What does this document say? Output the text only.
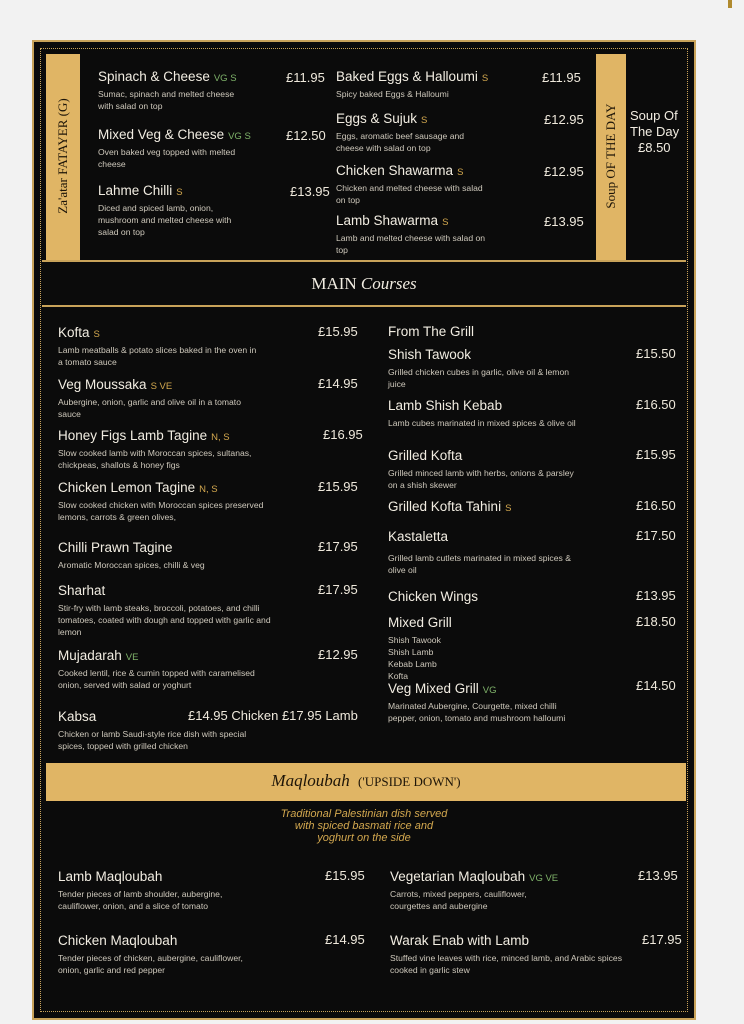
Za'atar FATAYER (G)
Spinach & Cheese VG S
Sumac, spinach and melted cheese with salad on top
£11.95
Mixed Veg & Cheese VG S
Oven baked veg topped with melted cheese
£12.50
Lahme Chilli S
Diced and spiced lamb, onion, mushroom and melted cheese with salad on top
£13.95
Baked Eggs & Halloumi S
Spicy baked Eggs & Halloumi
£11.95
Eggs & Sujuk S
Eggs, aromatic beef sausage and cheese with salad on top
£12.95
Chicken Shawarma S
Chicken and melted cheese with salad on top
£12.95
Lamb Shawarma S
Lamb and melted cheese with salad on top
£13.95
Soup OF THE DAY Soup Of
The Day
£8.50
MAIN Courses
Kofta S
Lamb meatballs & potato slices baked in the oven in a tomato sauce
£15.95
Veg Moussaka S VE
Aubergine, onion, garlic and olive oil in a tomato sauce
£14.95
Honey Figs Lamb Tagine N, S
Slow cooked lamb with Moroccan spices, sultanas, chickpeas, shallots & honey figs
£16.95
Chicken Lemon Tagine N, S
Slow cooked chicken with Moroccan spices preserved lemons, carrots & green olives,
£15.95
Chilli Prawn Tagine
Aromatic Moroccan spices, chilli & veg
£17.95
Sharhat
Stir-fry with lamb steaks, broccoli, potatoes, and chilli tomatoes, coated with dough and topped with garlic and lemon
£17.95
Mujadarah VE
Cooked lentil, rice & cumin topped with caramelised onion, served with salad or yoghurt
£12.95
Kabsa
Chicken or lamb Saudi-style rice dish with special spices, topped with grilled chicken
£14.95 Chicken £17.95 Lamb
From The Grill
Shish Tawook
Grilled chicken cubes in garlic, olive oil & lemon juice
£15.50
Lamb Shish Kebab
Lamb cubes marinated in mixed spices & olive oil
£16.50
Grilled Kofta
Grilled minced lamb with herbs, onions & parsley on a shish skewer
£15.95
Grilled Kofta Tahini S	£16.50
Kastaletta
Grilled lamb cutlets marinated in mixed spices & olive oil
£17.50
Chicken Wings	£13.95
Mixed Grill
Shish Tawook Shish Lamb Kebab Lamb Kofta
£18.50
Veg Mixed Grill VG
Marinated Aubergine, Courgette, mixed chilli pepper, onion, tomato and mushroom halloumi
£14.50
Maqloubah ('UPSIDE DOWN')
Traditional Palestinian dish served
with spiced basmati rice and
yoghurt on the side
Lamb Maqloubah
Tender pieces of lamb shoulder, aubergine, cauliflower, onion, and a slice of tomato
£15.95 Vegetarian Maqloubah VG VE
Carrots, mixed peppers, cauliflower, courgettes and aubergine
£13.95
Chicken Maqloubah
Tender pieces of chicken, aubergine, cauliflower, onion, garlic and red pepper
£14.95 Warak Enab with Lamb
Stuffed vine leaves with rice, minced lamb, and Arabic spices cooked in garlic stew
£17.95
